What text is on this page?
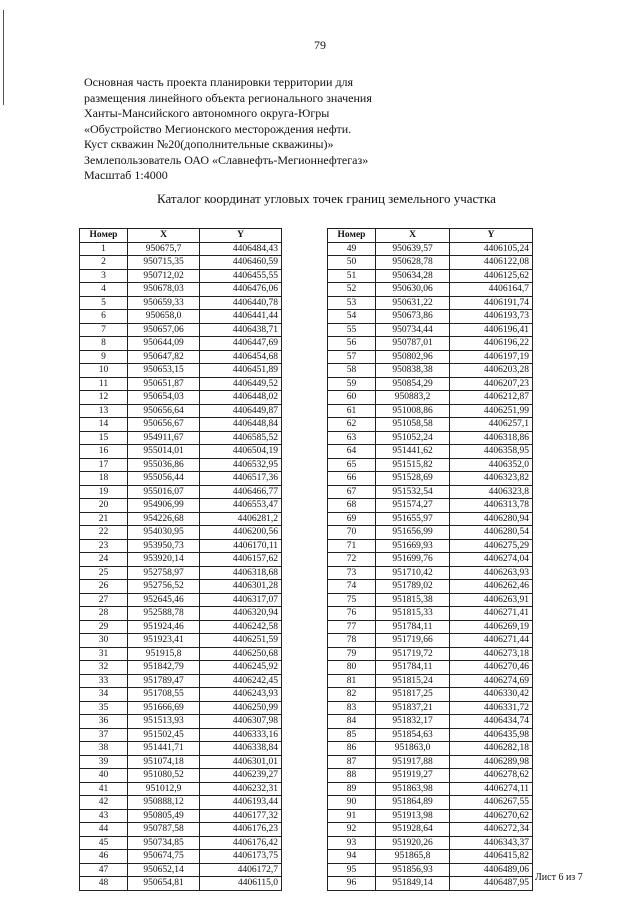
79
Основная часть проекта планировки территории для
размещения линейного объекта регионального значения
Ханты-Мансийского автономного округа-Югры
«Обустройство Мегионского месторождения нефти.
Куст скважин №20(дополнительные скважины)»
Землепользователь ОАО «Славнефть-Мегионнефтегаз»
Масштаб 1:4000
Каталог координат угловых точек границ земельного участка
Номер	X	Y
1	950675,7	4406484,43
2	950715,35	4406460,59
3	950712,02	4406455,55
4	950678,03	4406476,06
5	950659,33	4406440,78
6	950658,0	4406441,44
7	950657,06	4406438,71
8	950644,09	4406447,69
9	950647,82	4406454,68
10	950653,15	4406451,89
11	950651,87	4406449,52
12	950654,03	4406448,02
13	950656,64	4406449,87
14	950656,67	4406448,84
15	954911,67	4406585,52
16	955014,01	4406504,19
17	955036,86	4406532,95
18	955056,44	4406517,36
19	955016,07	4406466,77
20	954906,99	4406553,47
21	954226,68	4406281,2
22	954030,95	4406200,56
23	953950,73	4406170,11
24	953920,14	4406157,62
25	952758,97	4406318,68
26	952756,52	4406301,28
27	952645,46	4406317,07
28	952588,78	4406320,94
29	951924,46	4406242,58
30	951923,41	4406251,59
31	951915,8	4406250,68
32	951842,79	4406245,92
33	951789,47	4406242,45
34	951708,55	4406243,93
35	951666,69	4406250,99
36	951513,93	4406307,98
37	951502,45	4406333,16
38	951441,71	4406338,84
39	951074,18	4406301,01
40	951080,52	4406239,27
41	951012,9	4406232,31
42	950888,12	4406193,44
43	950805,49	4406177,32
44	950787,58	4406176,23
45	950734,85	4406176,42
46	950674,75	4406173,75
47	950652,14	4406172,7
48	950654,81	4406115,0
Номер	X	Y
49	950639,57	4406105,24
50	950628,78	4406122,08
51	950634,28	4406125,62
52	950630,06	4406164,7
53	950631,22	4406191,74
54	950673,86	4406193,73
55	950734,44	4406196,41
56	950787,01	4406196,22
57	950802,96	4406197,19
58	950838,38	4406203,28
59	950854,29	4406207,23
60	950883,2	4406212,87
61	951008,86	4406251,99
62	951058,58	4406257,1
63	951052,24	4406318,86
64	951441,62	4406358,95
65	951515,82	4406352,0
66	951528,69	4406323,82
67	951532,54	4406323,8
68	951574,27	4406313,78
69	951655,97	4406280,94
70	951656,99	4406280,54
71	951669,93	4406275,29
72	951699,76	4406274,04
73	951710,42	4406263,93
74	951789,02	4406262,46
75	951815,38	4406263,91
76	951815,33	4406271,41
77	951784,11	4406269,19
78	951719,66	4406271,44
79	951719,72	4406273,18
80	951784,11	4406270,46
81	951815,24	4406274,69
82	951817,25	4406330,42
83	951837,21	4406331,72
84	951832,17	4406434,74
85	951854,63	4406435,98
86	951863,0	4406282,18
87	951917,88	4406289,98
88	951919,27	4406278,62
89	951863,98	4406274,11
90	951864,89	4406267,55
91	951913,98	4406270,62
92	951928,64	4406272,34
93	951920,26	4406343,37
94	951865,8	4406415,82
95	951856,93	4406489,06
96	951849,14	4406487,95 Лист 6 из 7
